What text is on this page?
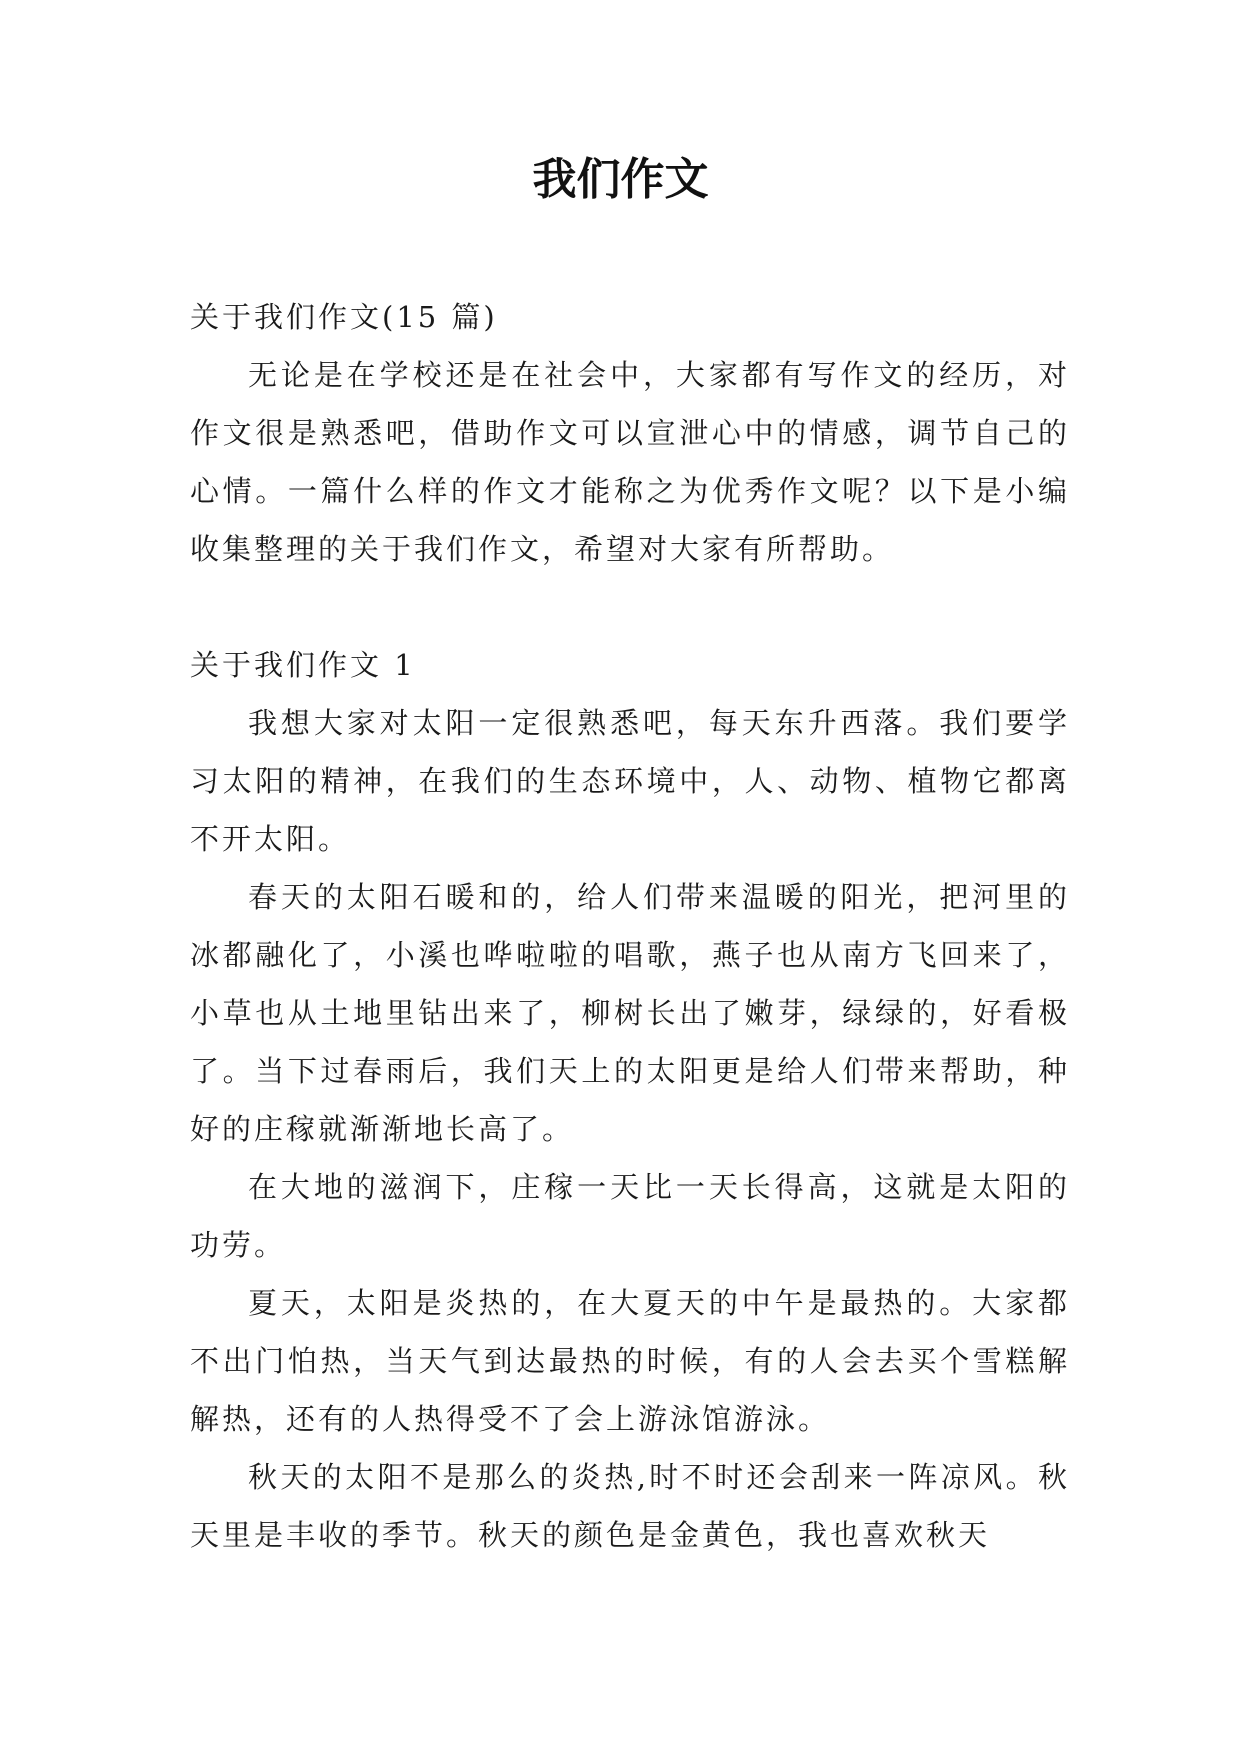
我们作文

关于我们作文(15 篇)

无论是在学校还是在社会中，大家都有写作文的经历，对作文很是熟悉吧，借助作文可以宣泄心中的情感，调节自己的心情。一篇什么样的作文才能称之为优秀作文呢？以下是小编收集整理的关于我们作文，希望对大家有所帮助。

关于我们作文 1

我想大家对太阳一定很熟悉吧，每天东升西落。我们要学习太阳的精神，在我们的生态环境中，人、动物、植物它都离不开太阳。

春天的太阳石暖和的，给人们带来温暖的阳光，把河里的冰都融化了，小溪也哗啦啦的唱歌，燕子也从南方飞回来了，小草也从土地里钻出来了，柳树长出了嫩芽，绿绿的，好看极了。当下过春雨后，我们天上的太阳更是给人们带来帮助，种好的庄稼就渐渐地长高了。

在大地的滋润下，庄稼一天比一天长得高，这就是太阳的功劳。

夏天，太阳是炎热的，在大夏天的中午是最热的。大家都不出门怕热，当天气到达最热的时候，有的人会去买个雪糕解解热，还有的人热得受不了会上游泳馆游泳。

秋天的太阳不是那么的炎热,时不时还会刮来一阵凉风。秋天里是丰收的季节。秋天的颜色是金黄色，我也喜欢秋天
